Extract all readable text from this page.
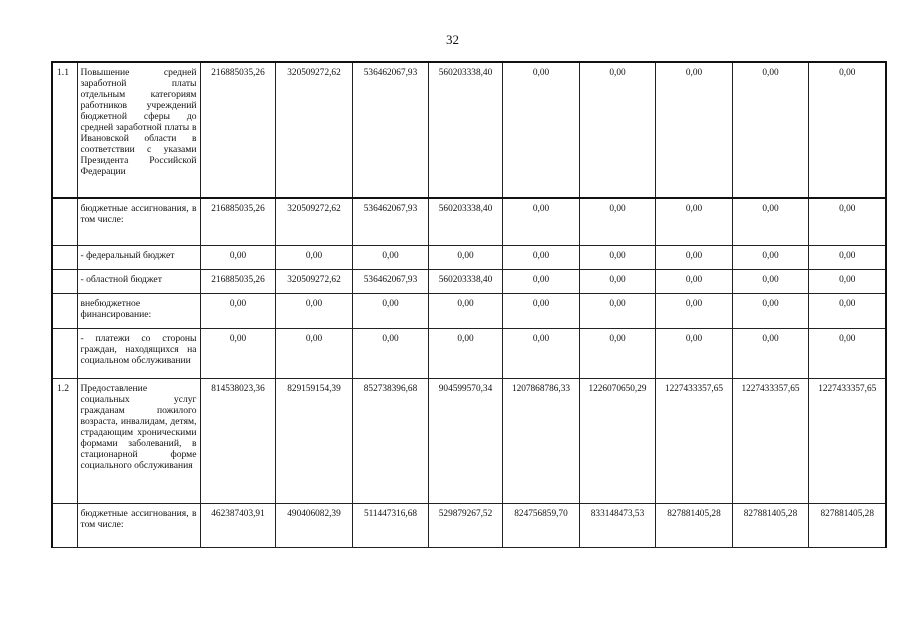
32
1.1	Повышение средней заработной платы отдельным категориям работников учреждений бюджетной сферы до средней заработной платы в Ивановской области в соответствии с указами Президента Российской Федерации	216885035,26	320509272,62	536462067,93	560203338,40	0,00	0,00	0,00	0,00	0,00
	бюджетные ассигнования, в том числе:	216885035,26	320509272,62	536462067,93	560203338,40	0,00	0,00	0,00	0,00	0,00
	- федеральный бюджет	0,00	0,00	0,00	0,00	0,00	0,00	0,00	0,00	0,00
	- областной бюджет	216885035,26	320509272,62	536462067,93	560203338,40	0,00	0,00	0,00	0,00	0,00
	внебюджетное финансирование:	0,00	0,00	0,00	0,00	0,00	0,00	0,00	0,00	0,00
	- платежи со стороны граждан, находящихся на социальном обслуживании	0,00	0,00	0,00	0,00	0,00	0,00	0,00	0,00	0,00
1.2	Предоставление социальных услуг гражданам пожилого возраста, инвалидам, детям, страдающим хроническими формами заболеваний, в стационарной форме социального обслуживания	814538023,36	829159154,39	852738396,68	904599570,34	1207868786,33	1226070650,29	1227433357,65	1227433357,65	1227433357,65
	бюджетные ассигнования, в том числе:	462387403,91	490406082,39	511447316,68	529879267,52	824756859,70	833148473,53	827881405,28	827881405,28	827881405,28
